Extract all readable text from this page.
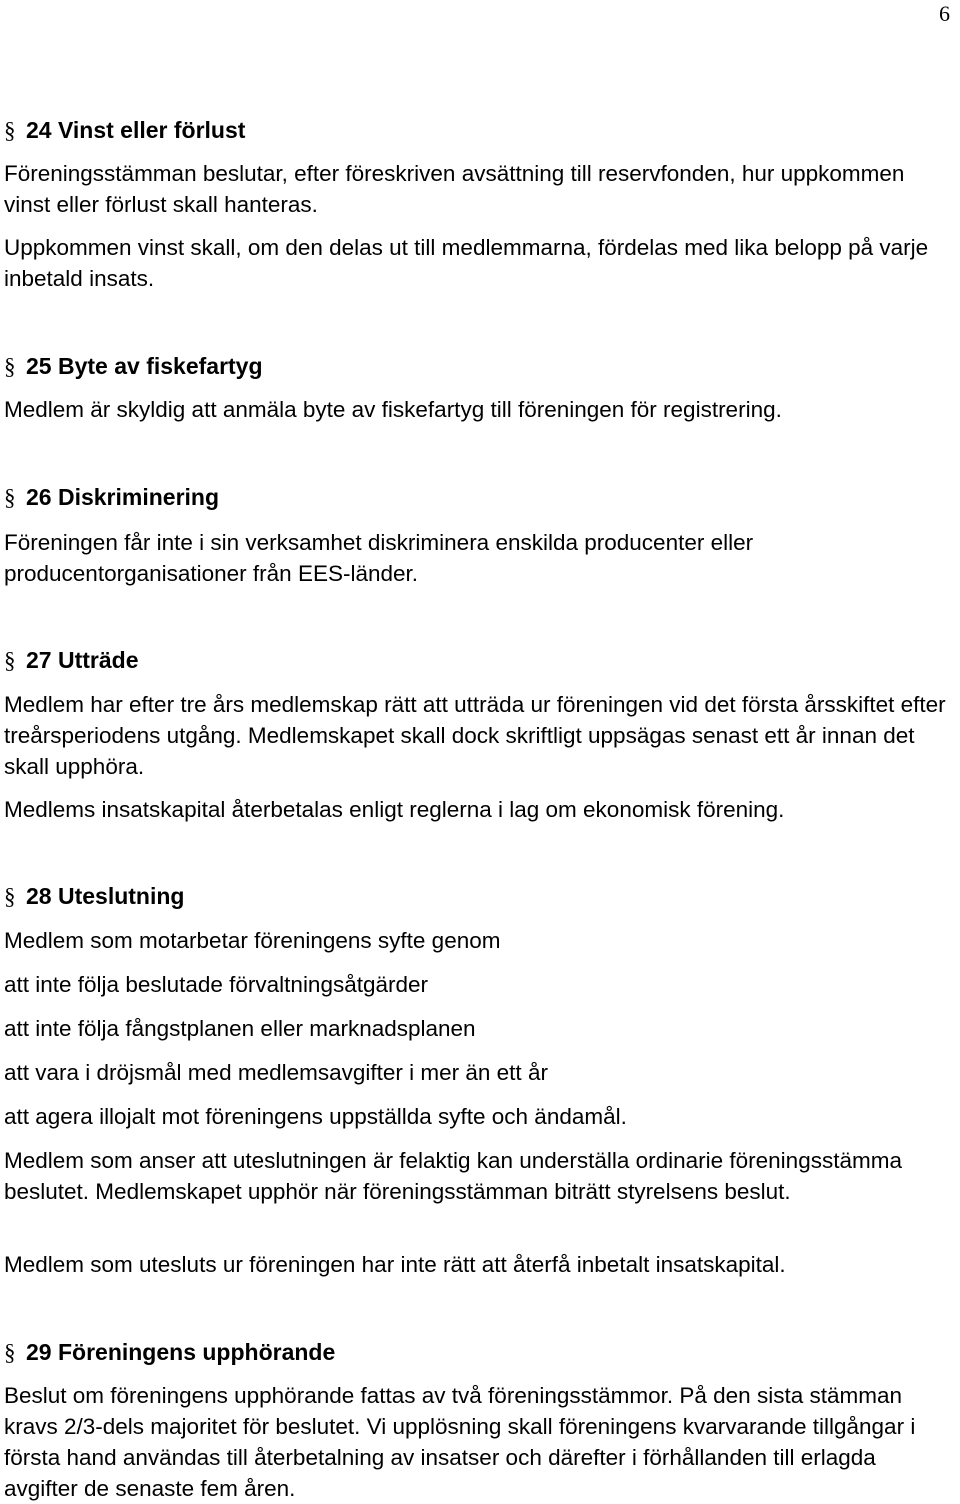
6
§ 24 Vinst eller förlust
Föreningsstämman beslutar, efter föreskriven avsättning till reservfonden, hur uppkommen vinst eller förlust skall hanteras.
Uppkommen vinst skall, om den delas ut till medlemmarna, fördelas med lika belopp på varje inbetald insats.
§ 25 Byte av fiskefartyg
Medlem är skyldig att anmäla byte av fiskefartyg till föreningen för registrering.
§ 26 Diskriminering
Föreningen får inte i sin verksamhet diskriminera enskilda producenter eller producentorganisationer från EES-länder.
§ 27 Utträde
Medlem har efter tre års medlemskap rätt att utträda ur föreningen vid det första årsskiftet efter treårsperiodens utgång. Medlemskapet skall dock skriftligt uppsägas senast ett år innan det skall upphöra.
Medlems insatskapital återbetalas enligt reglerna i lag om ekonomisk förening.
§ 28 Uteslutning
Medlem som motarbetar föreningens syfte genom
att inte följa beslutade förvaltningsåtgärder
att inte följa fångstplanen eller marknadsplanen
att vara i dröjsmål med medlemsavgifter i mer än ett år
att agera illojalt mot föreningens uppställda syfte och ändamål.
Medlem som anser att uteslutningen är felaktig kan underställa ordinarie föreningsstämma beslutet. Medlemskapet upphör när föreningsstämman biträtt styrelsens beslut.
Medlem som utesluts ur föreningen har inte rätt att återfå inbetalt insatskapital.
§ 29 Föreningens upphörande
Beslut om föreningens upphörande fattas av två föreningsstämmor. På den sista stämman kravs 2/3-dels majoritet för beslutet. Vi upplösning skall föreningens kvarvarande tillgångar i första hand användas till återbetalning av insatser och därefter i förhållanden till erlagda avgifter de senaste fem åren.
